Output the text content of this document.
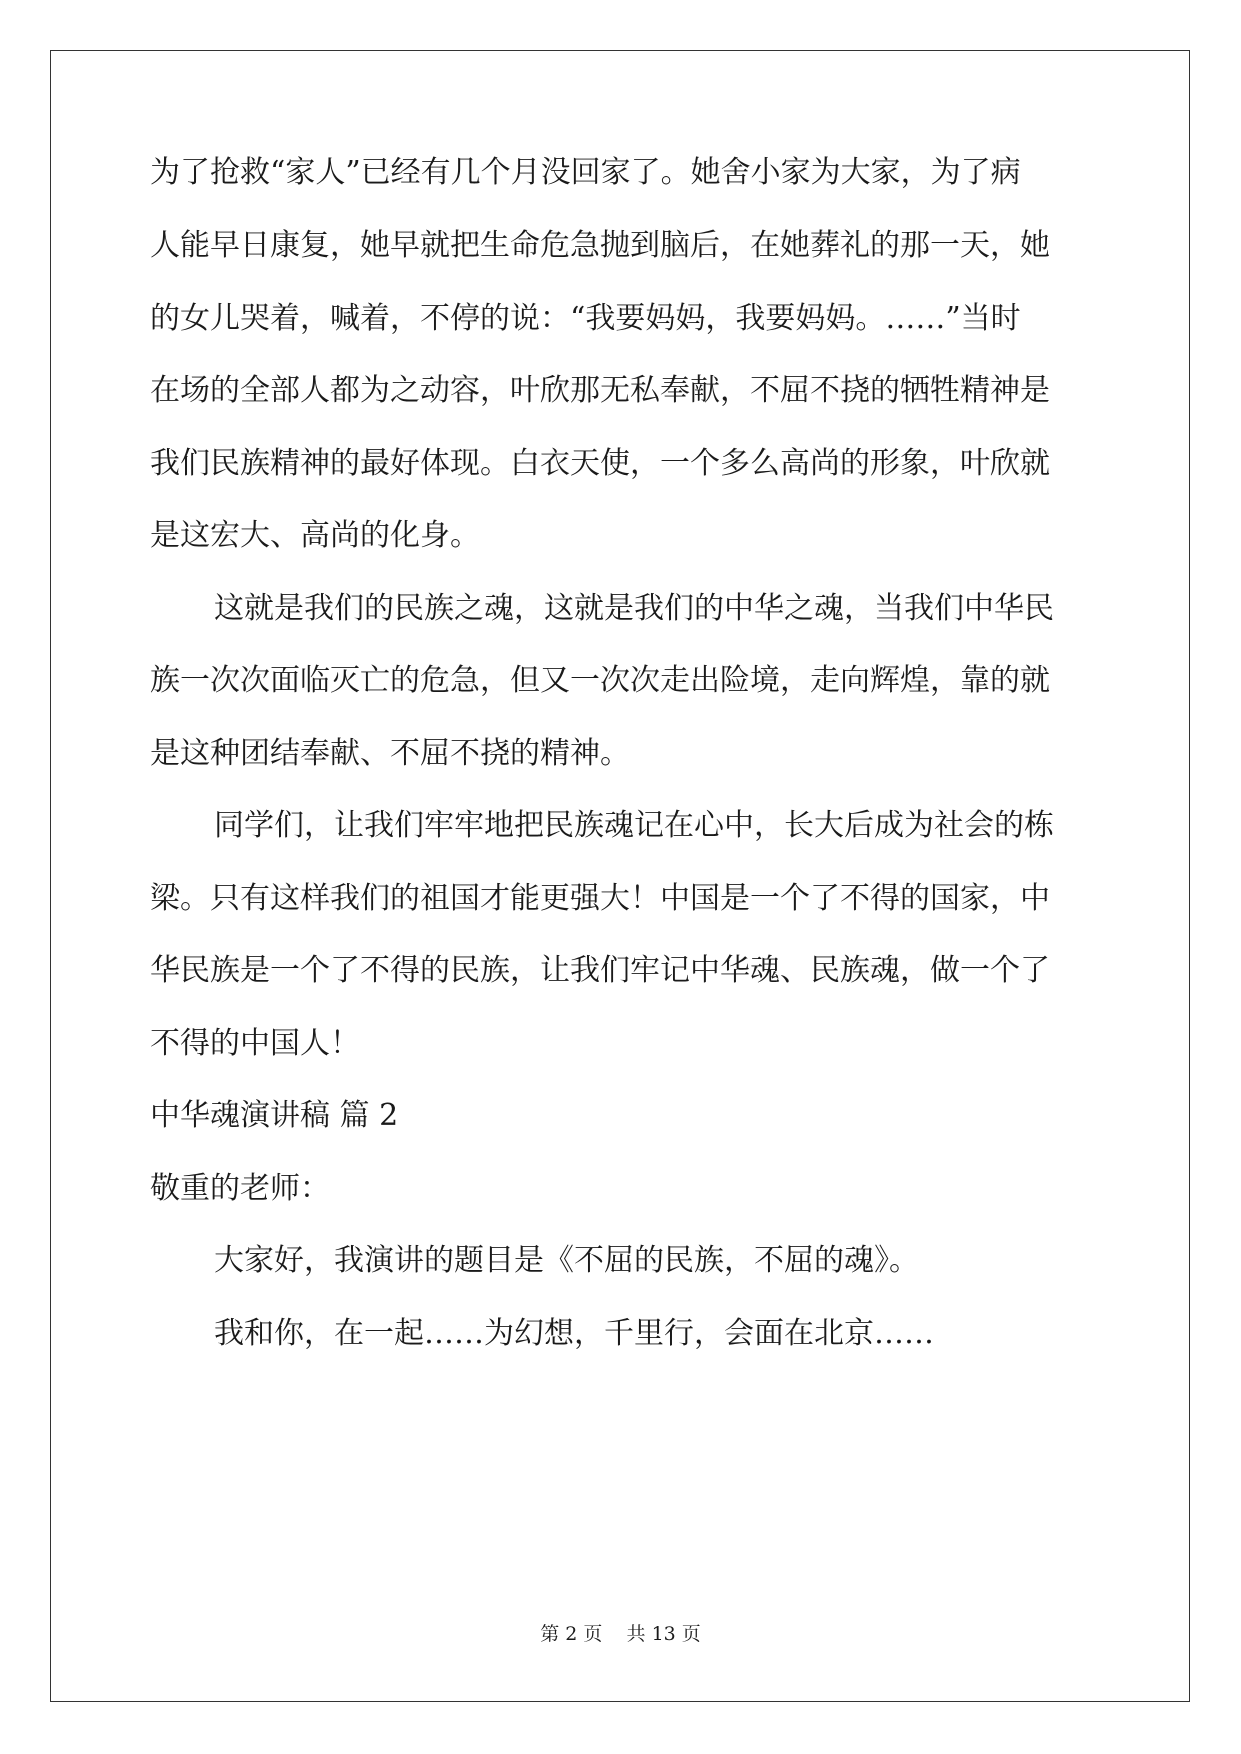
为了抢救“家人”已经有几个月没回家了。她舍小家为大家，为了病
人能早日康复，她早就把生命危急抛到脑后，在她葬礼的那一天，她
的女儿哭着，喊着，不停的说：“我要妈妈，我要妈妈。……”当时
在场的全部人都为之动容，叶欣那无私奉献，不屈不挠的牺牲精神是
我们民族精神的最好体现。白衣天使，一个多么高尚的形象，叶欣就
是这宏大、高尚的化身。
这就是我们的民族之魂，这就是我们的中华之魂，当我们中华民
族一次次面临灭亡的危急，但又一次次走出险境，走向辉煌，靠的就
是这种团结奉献、不屈不挠的精神。
同学们，让我们牢牢地把民族魂记在心中，长大后成为社会的栋
梁。只有这样我们的祖国才能更强大！中国是一个了不得的国家，中
华民族是一个了不得的民族，让我们牢记中华魂、民族魂，做一个了
不得的中国人！
中华魂演讲稿 篇 2
敬重的老师：
大家好，我演讲的题目是《不屈的民族，不屈的魂》。
我和你，在一起……为幻想，千里行，会面在北京……
第 2 页    共 13 页
